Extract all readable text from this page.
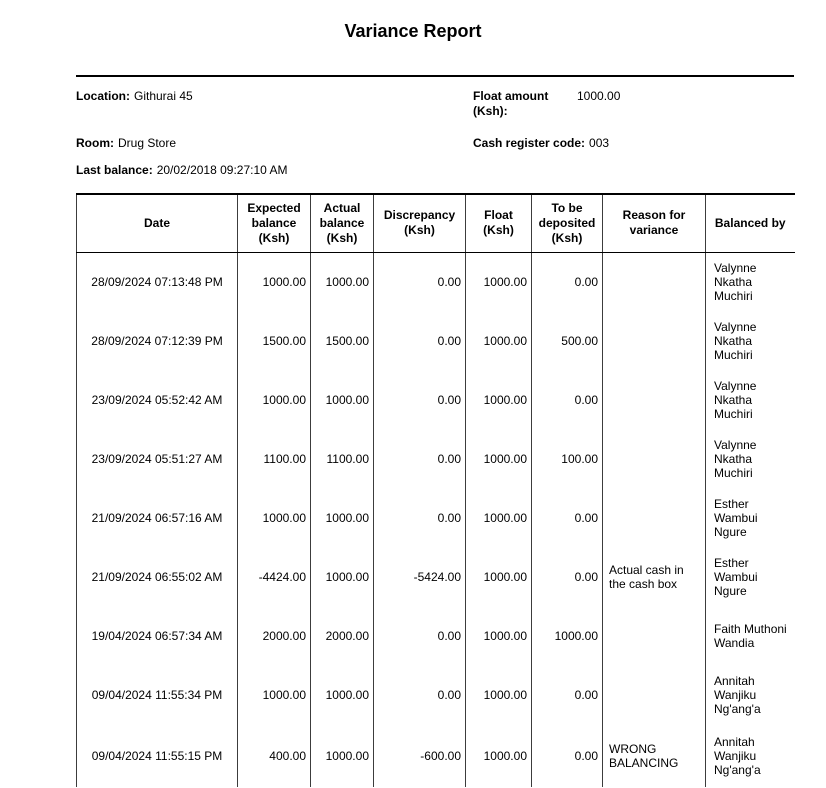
Variance Report
Location: Githurai 45	Float amount (Ksh):
1000.00
Room: Drug Store	Cash register code: 003
Last balance: 20/02/2018 09:27:10 AM
Date	Expected balance (Ksh)	Actual balance (Ksh)	Discrepancy (Ksh)	Float (Ksh)	To be deposited (Ksh)	Reason for variance	Balanced by
28/09/2024 07:13:48 PM	1000.00	1000.00	0.00	1000.00	0.00		Valynne Nkatha Muchiri
28/09/2024 07:12:39 PM	1500.00	1500.00	0.00	1000.00	500.00		Valynne Nkatha Muchiri
23/09/2024 05:52:42 AM	1000.00	1000.00	0.00	1000.00	0.00		Valynne Nkatha Muchiri
23/09/2024 05:51:27 AM	1100.00	1100.00	0.00	1000.00	100.00		Valynne Nkatha Muchiri
21/09/2024 06:57:16 AM	1000.00	1000.00	0.00	1000.00	0.00		Esther Wambui Ngure
21/09/2024 06:55:02 AM	-4424.00	1000.00	-5424.00	1000.00	0.00	Actual cash in the cash box	Esther Wambui Ngure
19/04/2024 06:57:34 AM	2000.00	2000.00	0.00	1000.00	1000.00		Faith Muthoni Wandia
09/04/2024 11:55:34 PM	1000.00	1000.00	0.00	1000.00	0.00		Annitah Wanjiku Ng'ang'a
09/04/2024 11:55:15 PM	400.00	1000.00	-600.00	1000.00	0.00	WRONG BALANCING	Annitah Wanjiku Ng'ang'a
